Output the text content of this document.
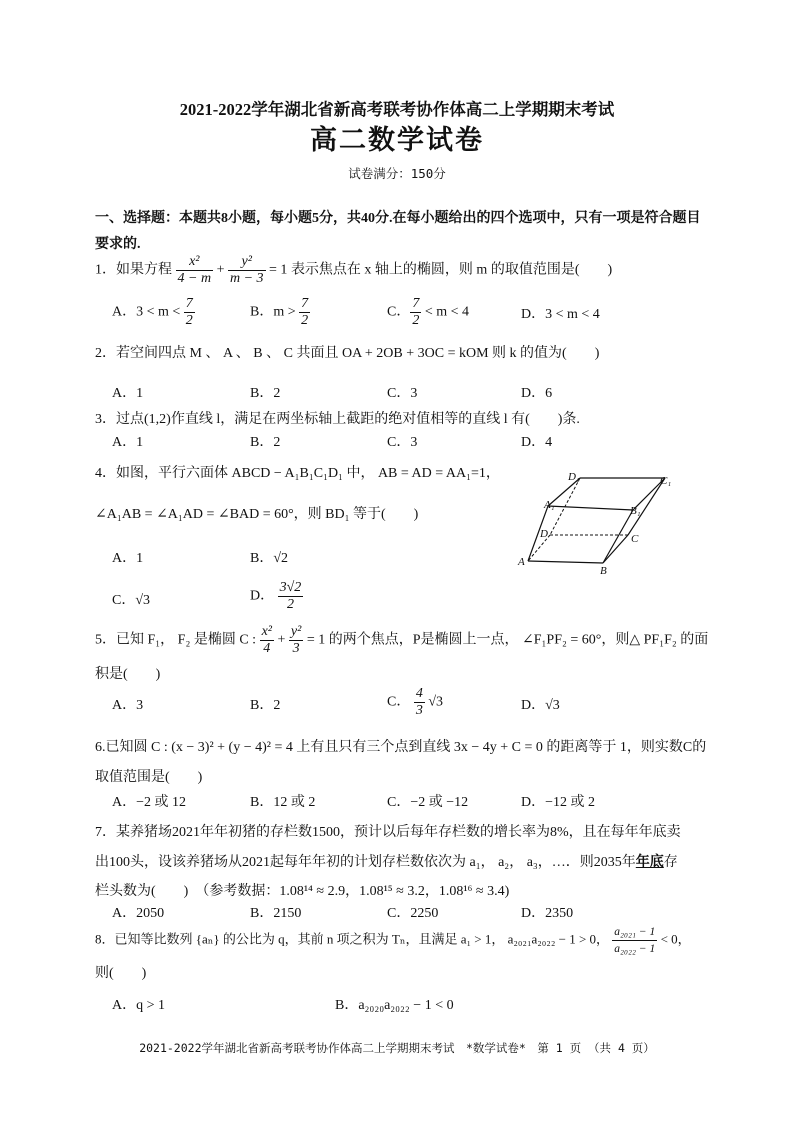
2021-2022学年湖北省新高考联考协作体高二上学期期末考试
高二数学试卷
试卷满分：150分
一、选择题：本题共8小题，每小题5分，共40分.在每小题给出的四个选项中，只有一项是符合题目要求的.
1．如果方程 $\frac{\text{x²}}{4 - m} + \frac{\text{y²}}{m - 3} = 1$ 表示焦点在 x 轴上的椭圆，则 m 的取值范围是(　　)
A．$3 < m < \frac{7}{2}$	B．$m > \frac{7}{2}$	C． $\frac{7}{2} < m < 4$	D．3 < m < 4
2．若空间四点 M 、 A 、 B 、 C 共面且 OA + 2OB + 3OC = kOM 则 k 的值为(　　)
A．1	B．2	C．3	D．6
3．过点(1,2)作直线 l，满足在两坐标轴上截距的绝对值相等的直线 l 有(　　)条.
A．1	B．2	C．3	D．4
4．如图，平行六面体 ABCD − A₁B₁C₁D₁ 中， AB = AD = AA₁=1，
∠A₁AB = ∠A₁AD = ∠BAD = 60°，则 BD₁ 等于(　　)
A．1	B．√2
C．√3	D． $\frac{3√2}{2}$
D₁	C₁
A₁	B₁
D	C
A
B
5．已知 F₁， F₂ 是椭圆 C : $\frac{\text{x²}}{4} + \frac{\text{y²}}{3} = 1$ 的两个焦点，P是椭圆上一点， ∠F₁PF₂ = 60°，则△ PF₁F₂ 的面
积是(　　)
A．3	B．2	C． $\frac{4}{3} √3$	D．√3
6.已知圆 C : (x − 3)² + (y − 4)² = 4 上有且只有三个点到直线 3x − 4y + C = 0 的距离等于 1，则实数C的
取值范围是(　　)
A．−2 或 12	B．12 或 2	C．−2 或 −12	D．−12 或 2
7．某养猪场2021年年初猪的存栏数1500，预计以后每年存栏数的增长率为8%，且在每年年底卖
出100头，设该养猪场从2021起每年年初的计划存栏数依次为 a₁， a₂， a₃，…．则2035年年底存
栏头数为(　　)　（参考数据：1.08¹⁴ ≈ 2.9，1.08¹⁵ ≈ 3.2，1.08¹⁶ ≈ 3.4)
A．2050	B．2150	C．2250	D．2350
8．已知等比数列 {aₙ} 的公比为 q，其前 n 项之积为 Tₙ，且满足 a₁ > 1， a₂₀₂₁a₂₀₂₂ − 1 > 0， $\frac{\text{a₂₀₂₁ − 1}}{\text{a₂₀₂₂ − 1}} < 0$，
则(　　)
A．q > 1	B．a₂₀₂₀a₂₀₂₂ − 1 < 0
2021-2022学年湖北省新高考联考协作体高二上学期期末考试　*数学试卷*　第 1 页 （共 4 页）
